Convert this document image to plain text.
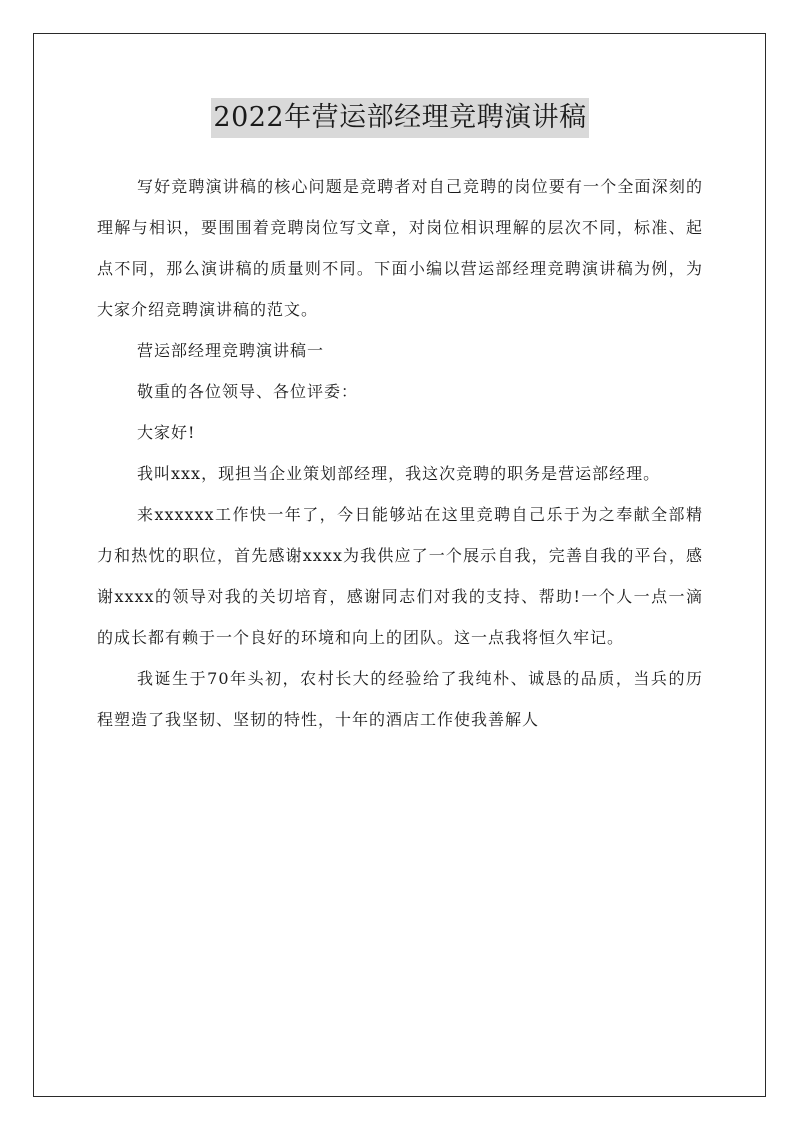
2022年营运部经理竞聘演讲稿

写好竞聘演讲稿的核心问题是竞聘者对自己竞聘的岗位要有一个全面深刻的理解与相识，要围围着竞聘岗位写文章，对岗位相识理解的层次不同，标准、起点不同，那么演讲稿的质量则不同。下面小编以营运部经理竞聘演讲稿为例，为大家介绍竞聘演讲稿的范文。

营运部经理竞聘演讲稿一

敬重的各位领导、各位评委：

大家好!

我叫xxx，现担当企业策划部经理，我这次竞聘的职务是营运部经理。

来xxxxxx工作快一年了，今日能够站在这里竞聘自己乐于为之奉献全部精力和热忱的职位，首先感谢xxxx为我供应了一个展示自我，完善自我的平台，感谢xxxx的领导对我的关切培育，感谢同志们对我的支持、帮助!一个人一点一滴的成长都有赖于一个良好的环境和向上的团队。这一点我将恒久牢记。

我诞生于70年头初，农村长大的经验给了我纯朴、诚恳的品质，当兵的历程塑造了我坚韧、坚韧的特性，十年的酒店工作使我善解人
